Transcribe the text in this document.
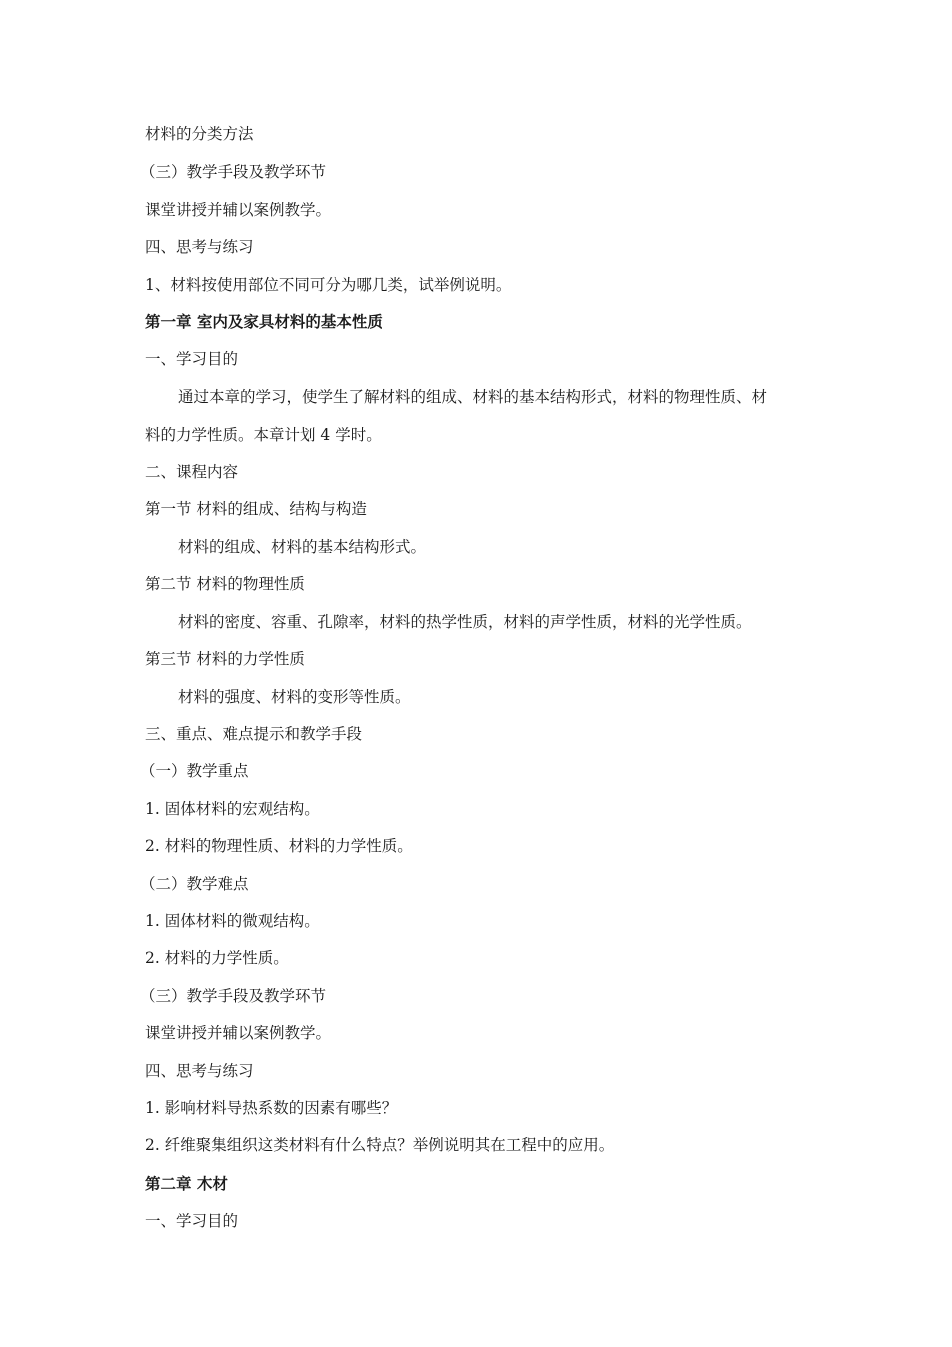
材料的分类方法
（三）教学手段及教学环节
课堂讲授并辅以案例教学。
四、思考与练习
1、材料按使用部位不同可分为哪几类，试举例说明。
第一章 室内及家具材料的基本性质
一、学习目的
通过本章的学习，使学生了解材料的组成、材料的基本结构形式，材料的物理性质、材
料的力学性质。本章计划 4 学时。
二、课程内容
第一节 材料的组成、结构与构造
材料的组成、材料的基本结构形式。
第二节 材料的物理性质
材料的密度、容重、孔隙率，材料的热学性质，材料的声学性质，材料的光学性质。
第三节 材料的力学性质
材料的强度、材料的变形等性质。
三、重点、难点提示和教学手段
（一）教学重点
1. 固体材料的宏观结构。
2. 材料的物理性质、材料的力学性质。
（二）教学难点
1. 固体材料的微观结构。
2. 材料的力学性质。
（三）教学手段及教学环节
课堂讲授并辅以案例教学。
四、思考与练习
1. 影响材料导热系数的因素有哪些？
2. 纤维聚集组织这类材料有什么特点？举例说明其在工程中的应用。
第二章 木材
一、学习目的
